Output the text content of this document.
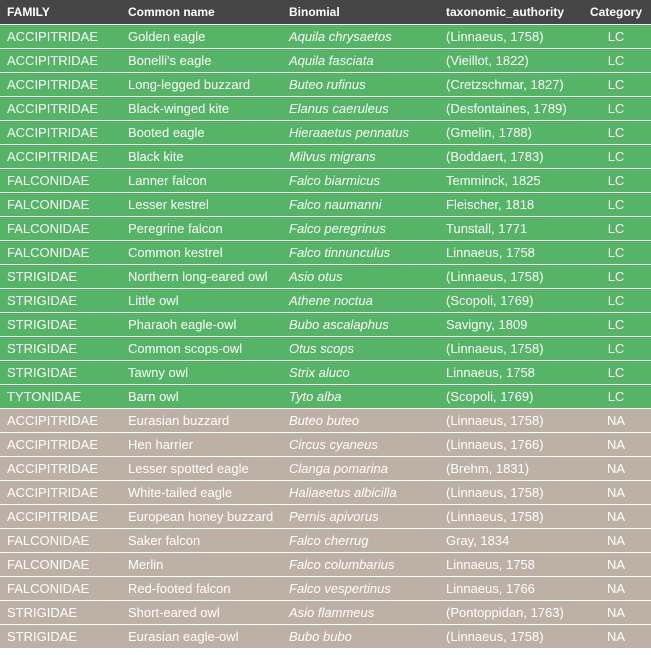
FAMILY	Common name	Binomial	taxonomic_authority	Category
ACCIPITRIDAE	Golden eagle	Aquila chrysaetos	(Linnaeus, 1758)	LC
ACCIPITRIDAE	Bonelli's eagle	Aquila fasciata	(Vieillot, 1822)	LC
ACCIPITRIDAE	Long-legged buzzard	Buteo rufinus	(Cretzschmar, 1827)	LC
ACCIPITRIDAE	Black-winged kite	Elanus caeruleus	(Desfontaines, 1789)	LC
ACCIPITRIDAE	Booted eagle	Hieraaetus pennatus	(Gmelin, 1788)	LC
ACCIPITRIDAE	Black kite	Milvus migrans	(Boddaert, 1783)	LC
FALCONIDAE	Lanner falcon	Falco biarmicus	Temminck, 1825	LC
FALCONIDAE	Lesser kestrel	Falco naumanni	Fleischer, 1818	LC
FALCONIDAE	Peregrine falcon	Falco peregrinus	Tunstall, 1771	LC
FALCONIDAE	Common kestrel	Falco tinnunculus	Linnaeus, 1758	LC
STRIGIDAE	Northern long-eared owl	Asio otus	(Linnaeus, 1758)	LC
STRIGIDAE	Little owl	Athene noctua	(Scopoli, 1769)	LC
STRIGIDAE	Pharaoh eagle-owl	Bubo ascalaphus	Savigny, 1809	LC
STRIGIDAE	Common scops-owl	Otus scops	(Linnaeus, 1758)	LC
STRIGIDAE	Tawny owl	Strix aluco	Linnaeus, 1758	LC
TYTONIDAE	Barn owl	Tyto alba	(Scopoli, 1769)	LC
ACCIPITRIDAE	Eurasian buzzard	Buteo buteo	(Linnaeus, 1758)	NA
ACCIPITRIDAE	Hen harrier	Circus cyaneus	(Linnaeus, 1766)	NA
ACCIPITRIDAE	Lesser spotted eagle	Clanga pomarina	(Brehm, 1831)	NA
ACCIPITRIDAE	White-tailed eagle	Haliaeetus albicilla	(Linnaeus, 1758)	NA
ACCIPITRIDAE	European honey buzzard	Pernis apivorus	(Linnaeus, 1758)	NA
FALCONIDAE	Saker falcon	Falco cherrug	Gray, 1834	NA
FALCONIDAE	Merlin	Falco columbarius	Linnaeus, 1758	NA
FALCONIDAE	Red-footed falcon	Falco vespertinus	Linnaeus, 1766	NA
STRIGIDAE	Short-eared owl	Asio flammeus	(Pontoppidan, 1763)	NA
STRIGIDAE	Eurasian eagle-owl	Bubo bubo	(Linnaeus, 1758)	NA
